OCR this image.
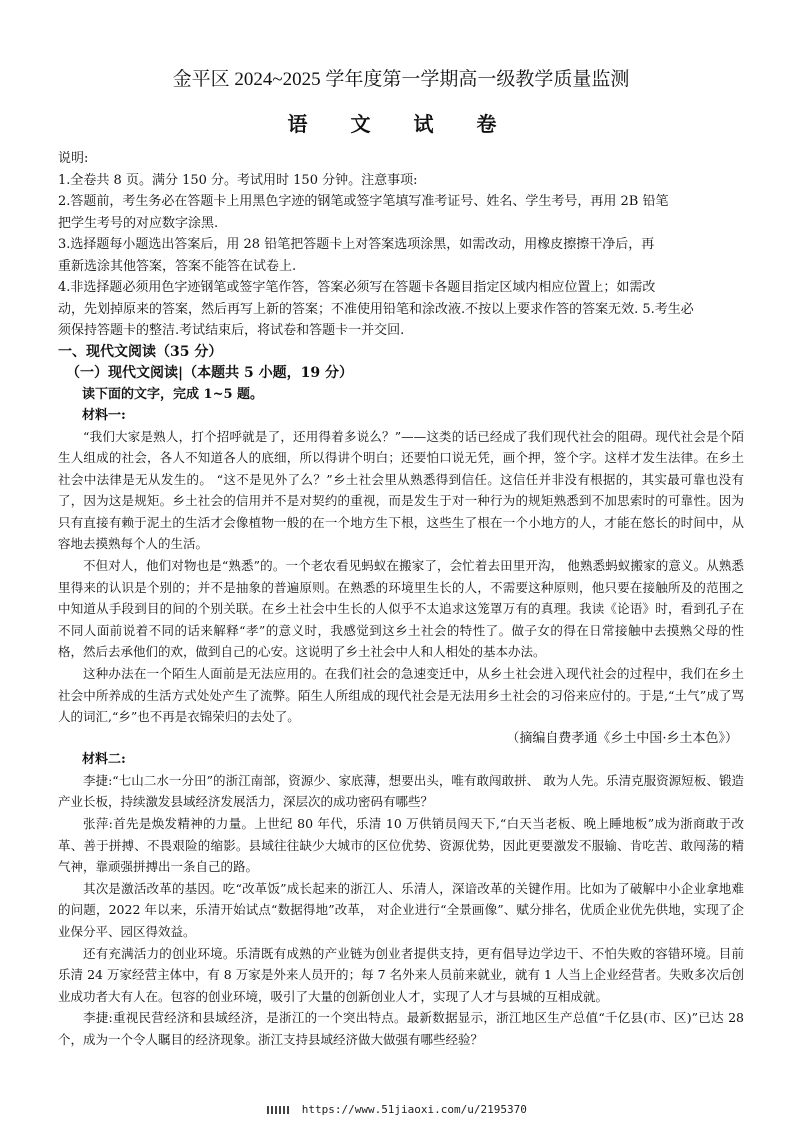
金平区 2024~2025 学年度第一学期高一级教学质量监测
语 文 试 卷

说明:

1.全卷共 8 页。满分 150 分。考试用时 150 分钟。注意事项:

2.答题前，考生务必在答题卡上用黑色字迹的钢笔或签字笔填写准考证号、姓名、学生考号，再用 2B 铅笔

把学生考号的对应数字涂黑.

3.选择题每小题选出答案后，用 28 铅笔把答题卡上对答案选项涂黑，如需改动，用橡皮擦擦干净后，再

重新选涂其他答案，答案不能答在试卷上.

4.非选择题必须用色字迹钢笔或签字笔作答，答案必须写在答题卡各题目指定区域内相应位置上；如需改

动，先划掉原来的答案，然后再写上新的答案；不准使用铅笔和涂改液.不按以上要求作答的答案无效. 5.考生必

须保持答题卡的整洁.考试结束后，将试卷和答题卡一并交回.

一、现代文阅读（35 分）

（一）现代文阅读|（本题共 5 小题，19 分）

读下面的文字，完成 1~5 题。

材料一:

“我们大家是熟人，打个招呼就是了，还用得着多说么？”——这类的话已经成了我们现代社会的阻碍。现代社会是个陌生人组成的社会，各人不知道各人的底细，所以得讲个明白；还要怕口说无凭，画个押，签个字。这样才发生法律。在乡土社会中法律是无从发生的。 “这不是见外了么？”乡土社会里从熟悉得到信任。这信任并非没有根据的，其实最可靠也没有了，因为这是规矩。乡土社会的信用并不是对契约的重视，而是发生于对一种行为的规矩熟悉到不加思索时的可靠性。因为只有直接有赖于泥土的生活才会像植物一般的在一个地方生下根，这些生了根在一个小地方的人，才能在悠长的时间中，从容地去摸熟每个人的生活。

不但对人，他们对物也是“熟悉”的。一个老农看见蚂蚁在搬家了，会忙着去田里开沟， 他熟悉蚂蚁搬家的意义。从熟悉里得来的认识是个别的；并不是抽象的普遍原则。在熟悉的环境里生长的人，不需要这种原则，他只要在接触所及的范围之中知道从手段到目的间的个别关联。在乡土社会中生长的人似乎不太追求这笼罩万有的真理。我读《论语》时，看到孔子在不同人面前说着不同的话来解释“孝”的意义时，我感觉到这乡土社会的特性了。做子女的得在日常接触中去摸熟父母的性格，然后去承他们的欢，做到自己的心安。这说明了乡土社会中人和人相处的基本办法。

这种办法在一个陌生人面前是无法应用的。在我们社会的急速变迁中，从乡土社会进入现代社会的过程中，我们在乡土社会中所养成的生活方式处处产生了流弊。陌生人所组成的现代社会是无法用乡土社会的习俗来应付的。于是,“土气”成了骂人的词汇,“乡”也不再是衣锦荣归的去处了。

（摘编自费孝通《乡土中国·乡土本色》）

材料二:

李捷:“七山二水一分田”的浙江南部，资源少、家底薄，想要出头，唯有敢闯敢拼、 敢为人先。乐清克服资源短板、锻造产业长板，持续激发县域经济发展活力，深层次的成功密码有哪些？

张萍:首先是焕发精神的力量。上世纪 80 年代，乐清 10 万供销员闯天下,“白天当老板、晚上睡地板”成为浙商敢于改革、善于拼搏、不畏艰险的缩影。县域往往缺少大城市的区位优势、资源优势，因此更要激发不服输、肯吃苦、敢闯荡的精气神，靠顽强拼搏出一条自己的路。

其次是激活改革的基因。吃“改革饭”成长起来的浙江人、乐清人，深谙改革的关键作用。比如为了破解中小企业拿地难的问题，2022 年以来，乐清开始试点“数据得地”改革， 对企业进行“全景画像”、赋分排名，优质企业优先供地，实现了企业保分平、园区得效益。

还有充满活力的创业环境。乐清既有成熟的产业链为创业者提供支持，更有倡导边学边干、不怕失败的容错环境。目前乐清 24 万家经营主体中，有 8 万家是外来人员开的；每 7 名外来人员前来就业，就有 1 人当上企业经营者。失败多次后创业成功者大有人在。包容的创业环境，吸引了大量的创新创业人才，实现了人才与县城的互相成就。

李捷:重视民营经济和县域经济，是浙江的一个突出特点。最新数据显示，浙江地区生产总值“千亿县(市、区)”已达 28 个，成为一个令人瞩目的经济现象。浙江支持县域经济做大做强有哪些经验？

https://www.51jiaoxi.com/u/2195370
